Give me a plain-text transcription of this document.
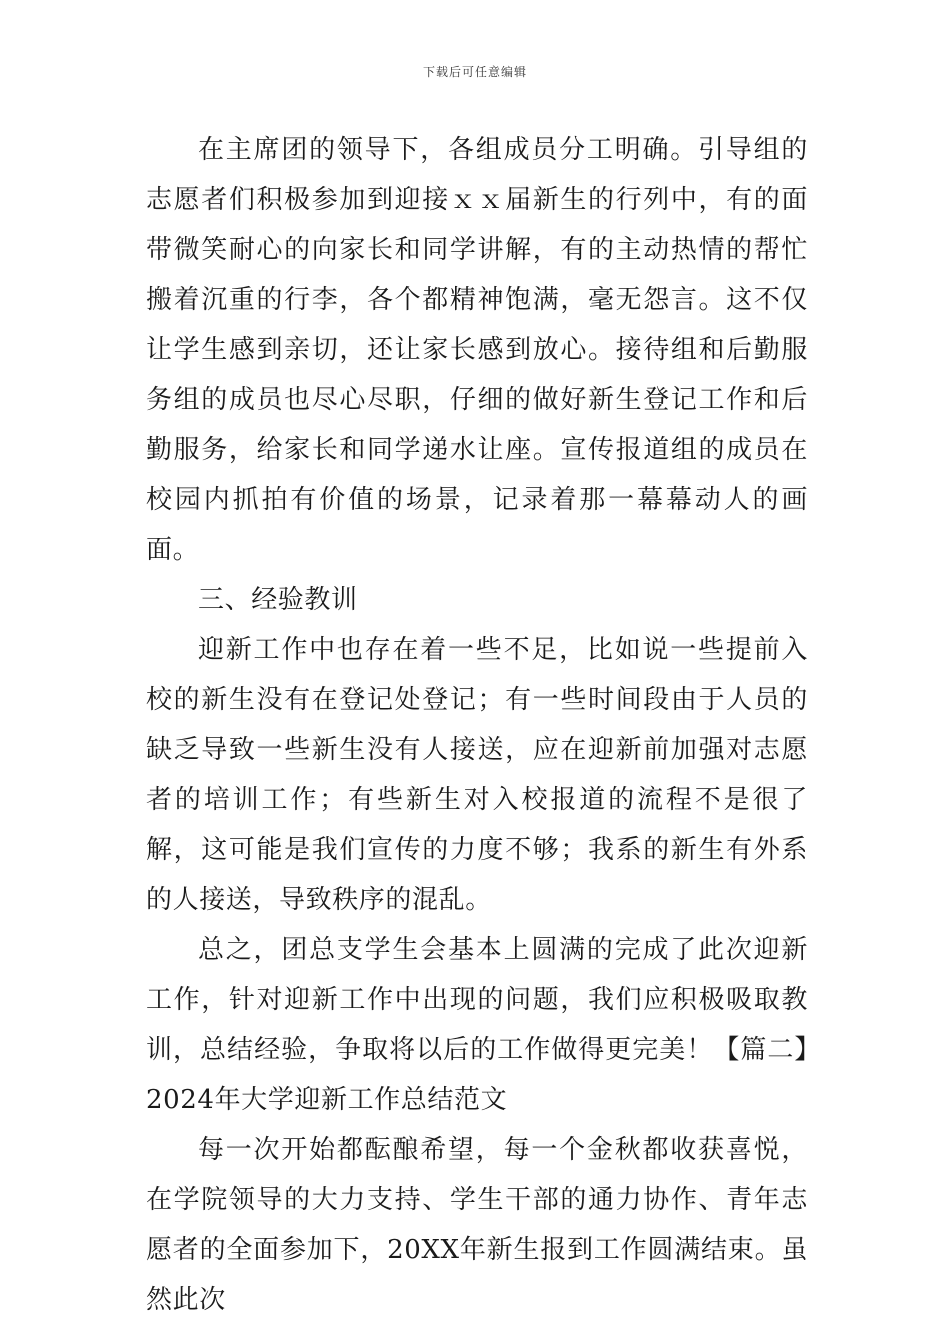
下载后可任意编辑

在主席团的领导下，各组成员分工明确。引导组的志愿者们积极参加到迎接ｘｘ届新生的行列中，有的面带微笑耐心的向家长和同学讲解，有的主动热情的帮忙搬着沉重的行李，各个都精神饱满，毫无怨言。这不仅让学生感到亲切，还让家长感到放心。接待组和后勤服务组的成员也尽心尽职，仔细的做好新生登记工作和后勤服务，给家长和同学递水让座。宣传报道组的成员在校园内抓拍有价值的场景，记录着那一幕幕动人的画面。

三、经验教训

迎新工作中也存在着一些不足，比如说一些提前入校的新生没有在登记处登记；有一些时间段由于人员的缺乏导致一些新生没有人接送，应在迎新前加强对志愿者的培训工作；有些新生对入校报道的流程不是很了解，这可能是我们宣传的力度不够；我系的新生有外系的人接送，导致秩序的混乱。

总之，团总支学生会基本上圆满的完成了此次迎新工作，针对迎新工作中出现的问题，我们应积极吸取教训，总结经验，争取将以后的工作做得更完美！【篇二】2024年大学迎新工作总结范文

每一次开始都酝酿希望，每一个金秋都收获喜悦，在学院领导的大力支持、学生干部的通力协作、青年志愿者的全面参加下，20XX年新生报到工作圆满结束。虽然此次
